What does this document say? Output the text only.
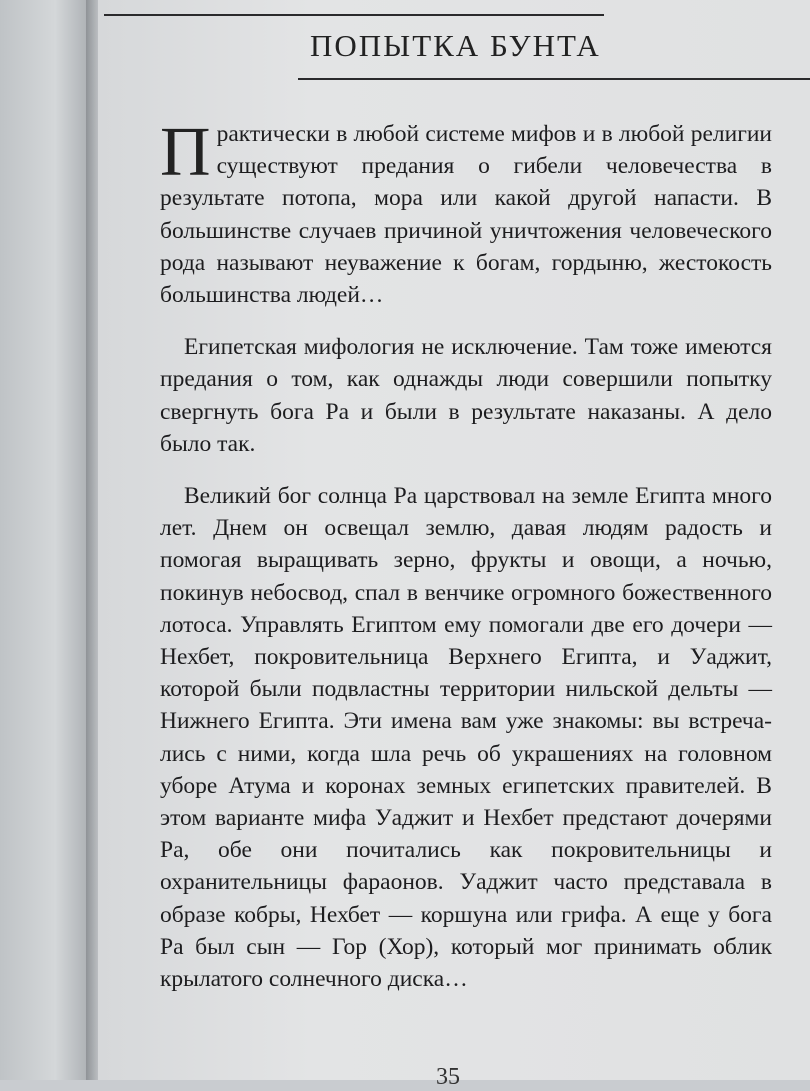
ПОПЫТКА БУНТА

Практически в любой системе мифов и в любой религии существуют предания о гибели человечества в результате потопа, мора или какой другой напасти. В большинстве случаев причиной уничтожения человеческого рода называют неуважение к богам, гордыню, жестокость большинства людей…

Египетская мифология не исключение. Там тоже имеются предания о том, как однажды люди совершили попытку свергнуть бога Ра и были в результате наказаны. А дело было так.

Великий бог солнца Ра царствовал на земле Египта много лет. Днем он освещал землю, давая людям радость и помогая выращивать зерно, фрукты и овощи, а ночью, покинув небосвод, спал в венчике огромного божественного лотоса. Управлять Египтом ему помогали две его дочери — Нехбет, покровительница Верхнего Египта, и Уаджит, которой были подвластны территории нильской дельты — Нижнего Египта. Эти имена вам уже знакомы: вы встречались с ними, когда шла речь об украшениях на головном уборе Атума и коронах земных египетских правителей. В этом варианте мифа Уаджит и Нехбет предстают дочерями Ра, обе они почитались как покровительницы и охранительницы фараонов. Уаджит часто представала в образе кобры, Нехбет — коршуна или грифа. А еще у бога Ра был сын — Гор (Хор), который мог принимать облик крылатого солнечного диска…

35
